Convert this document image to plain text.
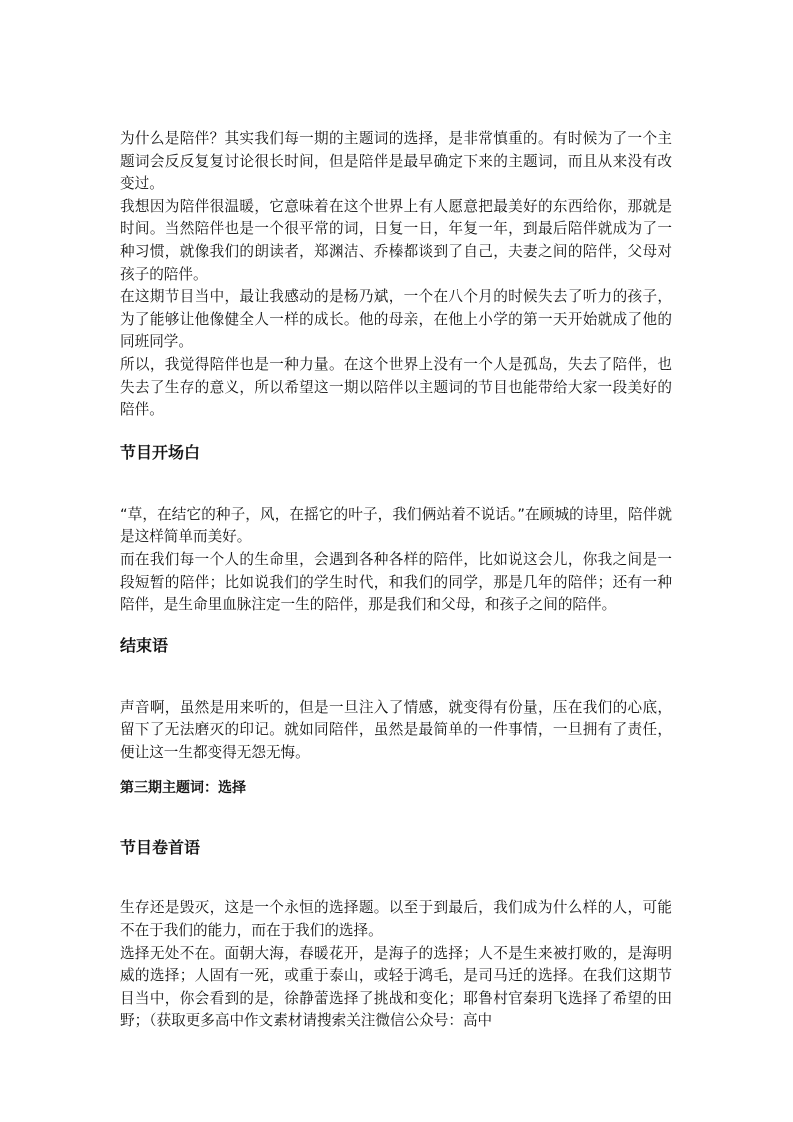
为什么是陪伴？其实我们每一期的主题词的选择，是非常慎重的。有时候为了一个主题词会反反复复讨论很长时间，但是陪伴是最早确定下来的主题词，而且从来没有改变过。

我想因为陪伴很温暖，它意味着在这个世界上有人愿意把最美好的东西给你，那就是时间。当然陪伴也是一个很平常的词，日复一日，年复一年，到最后陪伴就成为了一种习惯，就像我们的朗读者，郑渊洁、乔榛都谈到了自己，夫妻之间的陪伴，父母对孩子的陪伴。

在这期节目当中，最让我感动的是杨乃斌，一个在八个月的时候失去了听力的孩子，为了能够让他像健全人一样的成长。他的母亲，在他上小学的第一天开始就成了他的同班同学。

所以，我觉得陪伴也是一种力量。在这个世界上没有一个人是孤岛，失去了陪伴，也失去了生存的意义，所以希望这一期以陪伴以主题词的节目也能带给大家一段美好的陪伴。

节目开场白

“草，在结它的种子，风，在摇它的叶子，我们俩站着不说话。”在顾城的诗里，陪伴就是这样简单而美好。

而在我们每一个人的生命里，会遇到各种各样的陪伴，比如说这会儿，你我之间是一段短暂的陪伴；比如说我们的学生时代，和我们的同学，那是几年的陪伴；还有一种陪伴，是生命里血脉注定一生的陪伴，那是我们和父母，和孩子之间的陪伴。

结束语

声音啊，虽然是用来听的，但是一旦注入了情感，就变得有份量，压在我们的心底，留下了无法磨灭的印记。就如同陪伴，虽然是最简单的一件事情，一旦拥有了责任，便让这一生都变得无怨无悔。

第三期主题词：选择
节目卷首语

生存还是毁灭，这是一个永恒的选择题。以至于到最后，我们成为什么样的人，可能不在于我们的能力，而在于我们的选择。

选择无处不在。面朝大海，春暖花开，是海子的选择；人不是生来被打败的，是海明威的选择；人固有一死，或重于泰山，或轻于鸿毛，是司马迁的选择。在我们这期节目当中，你会看到的是，徐静蕾选择了挑战和变化；耶鲁村官秦玥飞选择了希望的田野；（获取更多高中作文素材请搜索关注微信公众号：高中
